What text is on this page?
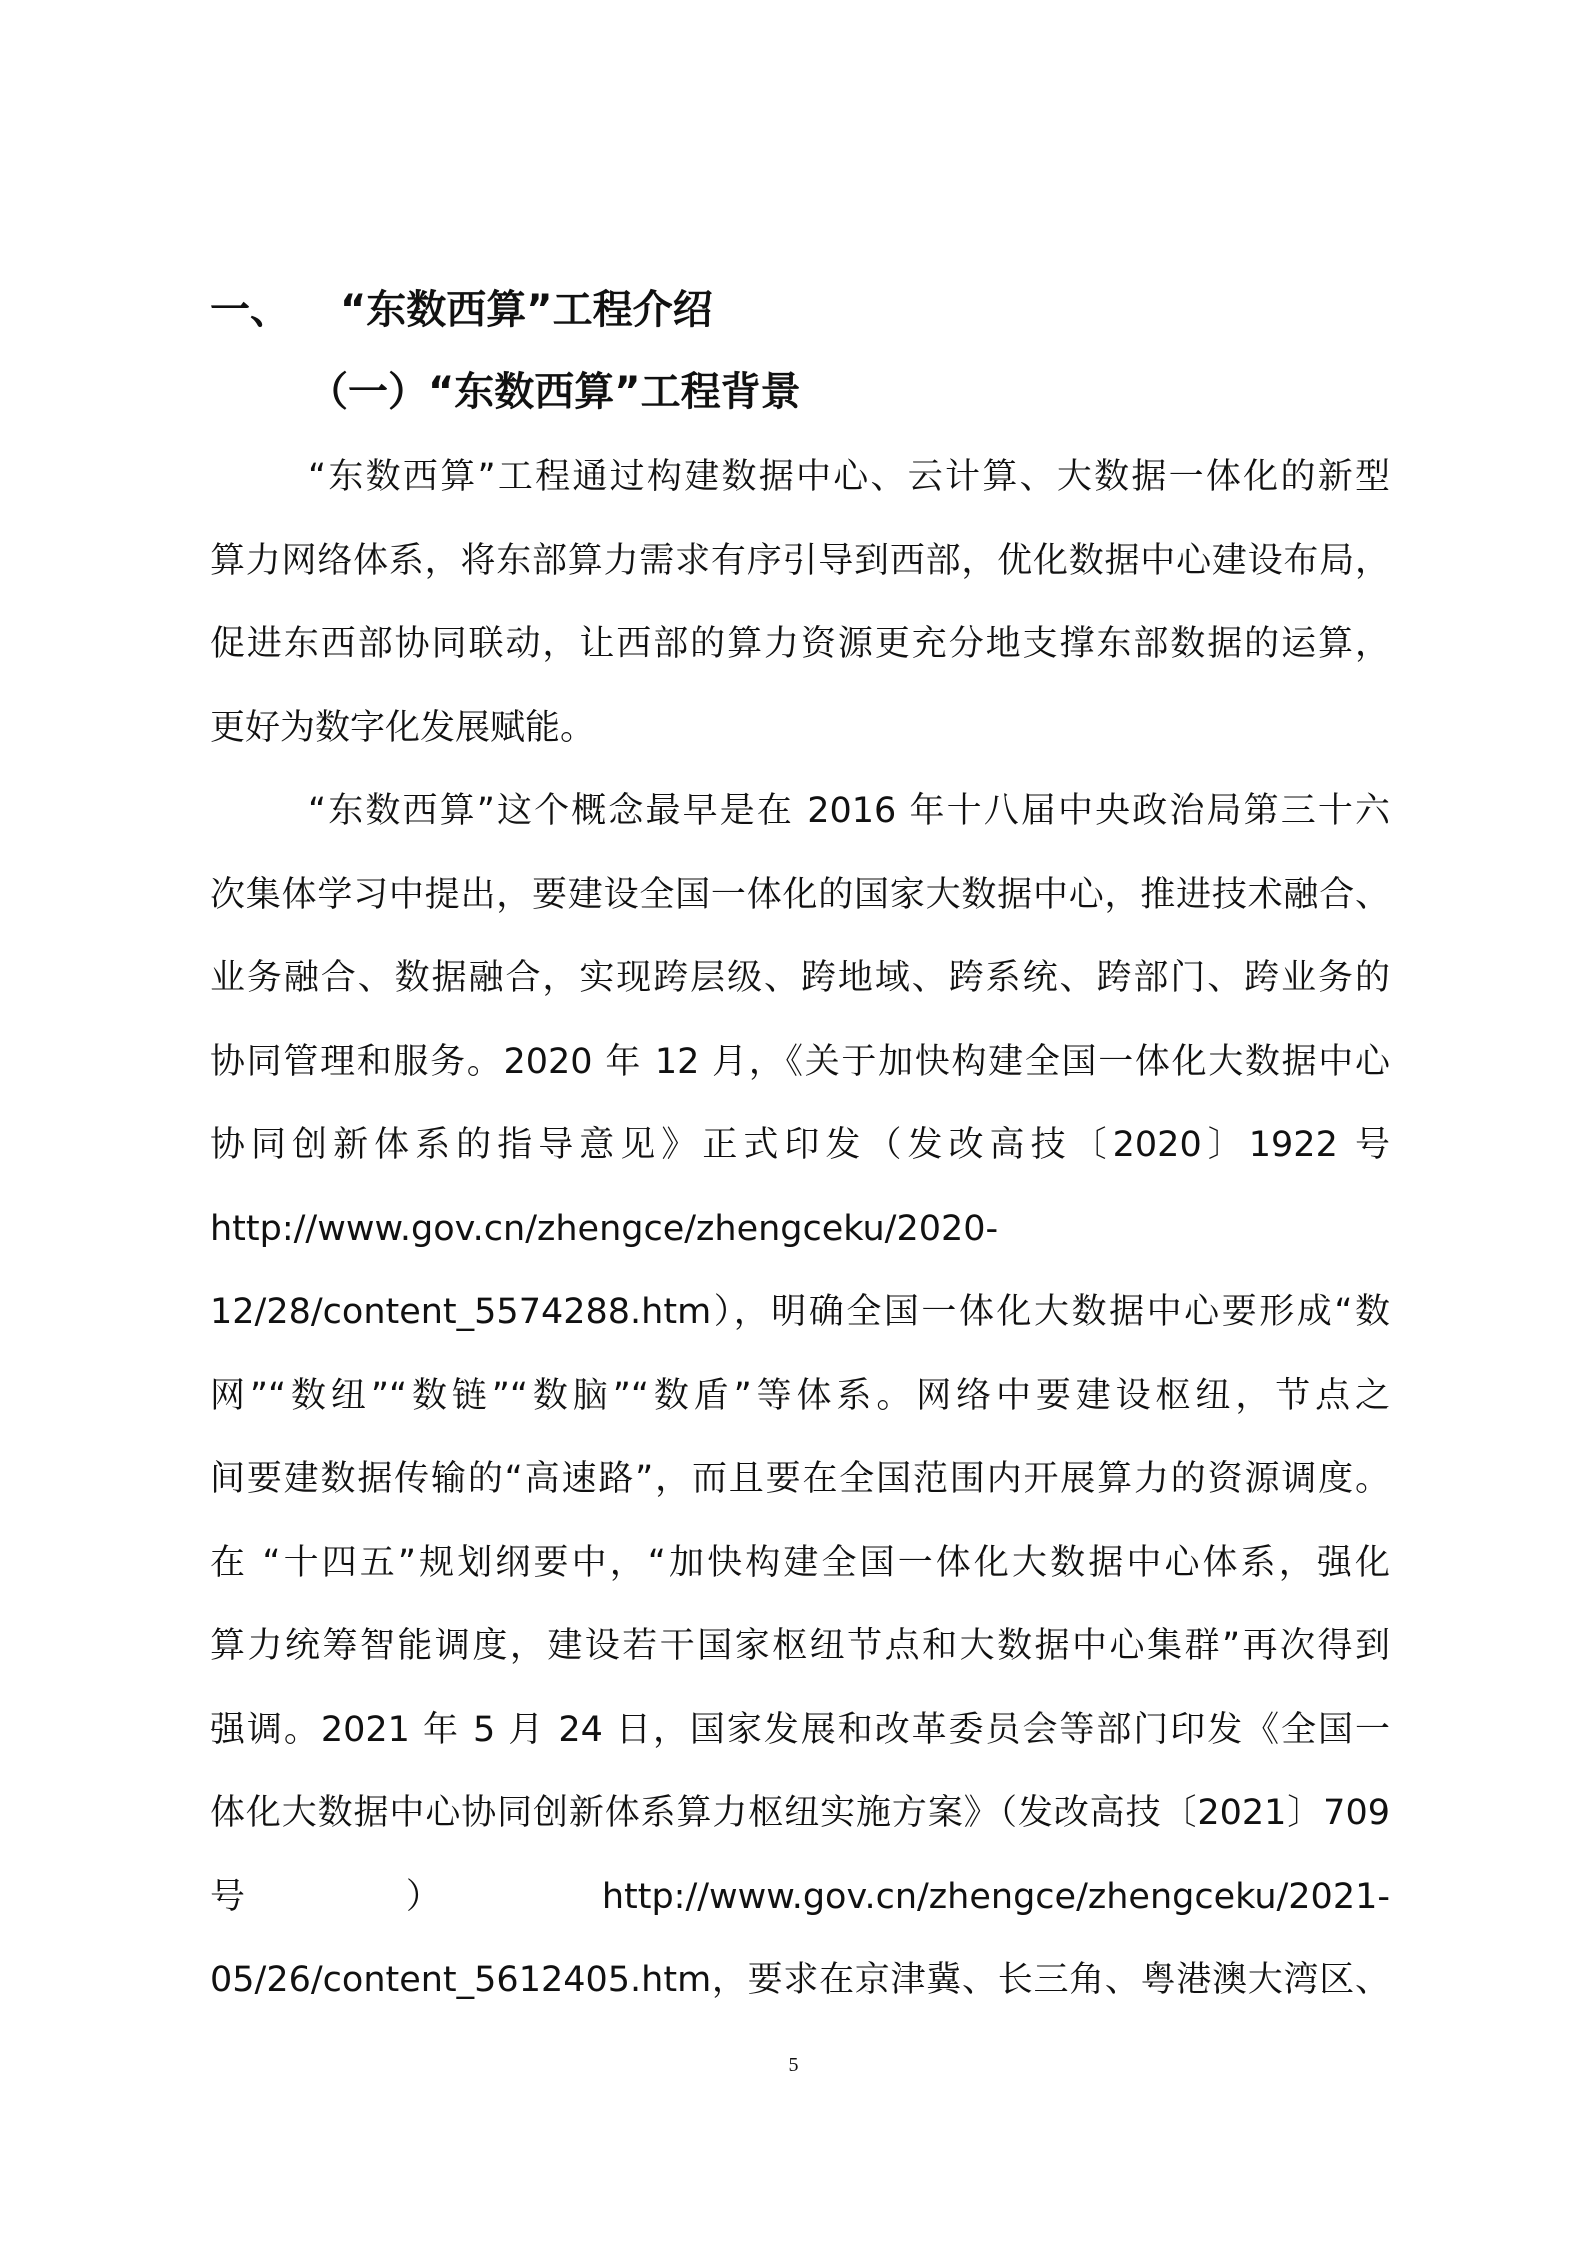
一、 “东数西算”工程介绍
（一）“东数西算”工程背景
“东数西算”工程通过构建数据中心、云计算、大数据一体化的新型
算力网络体系，将东部算力需求有序引导到西部，优化数据中心建设布局，
促进东西部协同联动，让西部的算力资源更充分地支撑东部数据的运算，
更好为数字化发展赋能。
“东数西算”这个概念最早是在 2016 年十八届中央政治局第三十六
次集体学习中提出，要建设全国一体化的国家大数据中心，推进技术融合、
业务融合、数据融合，实现跨层级、跨地域、跨系统、跨部门、跨业务的
协同管理和服务。2020 年 12 月，《关于加快构建全国一体化大数据中心
协同创新体系的指导意见》正式印发（发改高技〔2020〕1922 号
http://www.gov.cn/zhengce/zhengceku/2020-
12/28/content_5574288.htm），明确全国一体化大数据中心要形成“数
网”“数纽”“数链”“数脑”“数盾”等体系。网络中要建设枢纽，节点之
间要建数据传输的“高速路”，而且要在全国范围内开展算力的资源调度。
在 “十四五”规划纲要中，“加快构建全国一体化大数据中心体系，强化
算力统筹智能调度，建设若干国家枢纽节点和大数据中心集群”再次得到
强调。2021 年 5 月 24 日，国家发展和改革委员会等部门印发《全国一
体化大数据中心协同创新体系算力枢纽实施方案》（发改高技〔2021〕709
号 ） http://www.gov.cn/zhengce/zhengceku/2021-
05/26/content_5612405.htm，要求在京津冀、长三角、粤港澳大湾区、
5
